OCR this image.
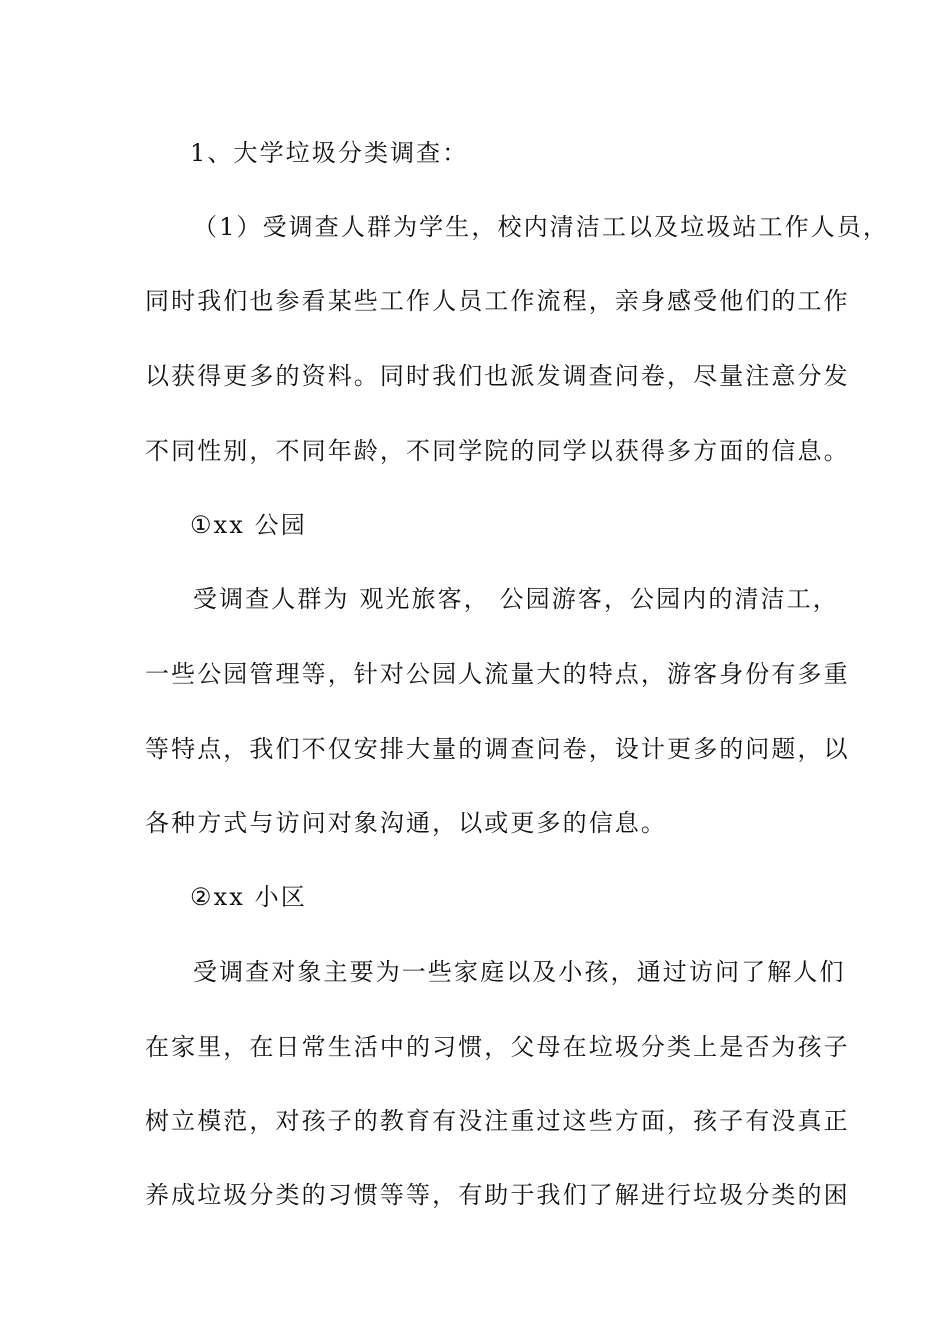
1、大学垃圾分类调查：
（1）受调查人群为学生，校内清洁工以及垃圾站工作人员，
同时我们也参看某些工作人员工作流程，亲身感受他们的工作
以获得更多的资料。同时我们也派发调查问卷，尽量注意分发
不同性别，不同年龄，不同学院的同学以获得多方面的信息。
①xx 公园
受调查人群为 观光旅客， 公园游客，公园内的清洁工，
一些公园管理等，针对公园人流量大的特点，游客身份有多重
等特点，我们不仅安排大量的调查问卷，设计更多的问题，以
各种方式与访问对象沟通，以或更多的信息。
②xx 小区
受调查对象主要为一些家庭以及小孩，通过访问了解人们
在家里，在日常生活中的习惯，父母在垃圾分类上是否为孩子
树立模范，对孩子的教育有没注重过这些方面，孩子有没真正
养成垃圾分类的习惯等等，有助于我们了解进行垃圾分类的困
